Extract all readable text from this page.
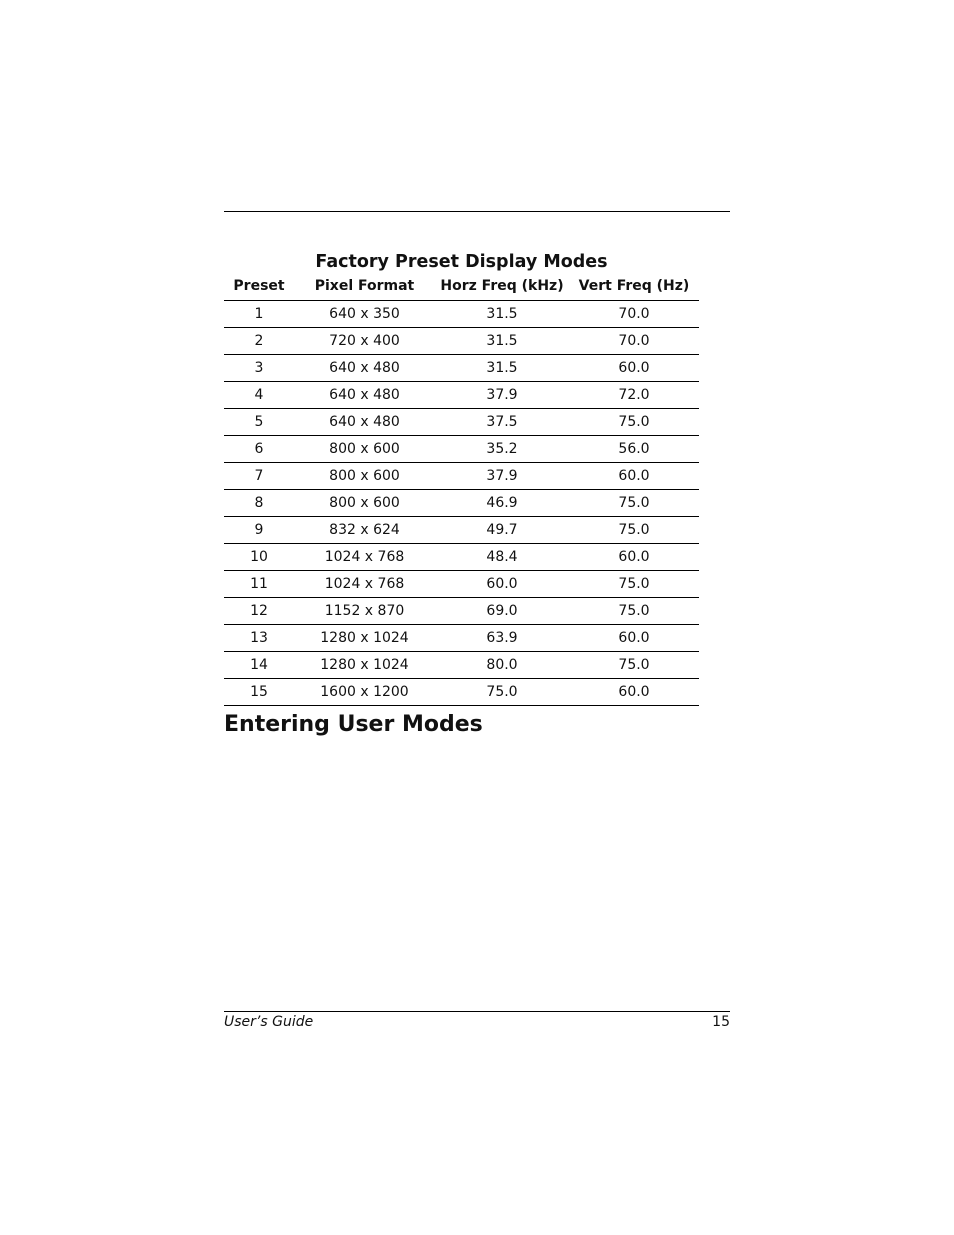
Factory Preset Display Modes
Preset	Pixel Format	Horz Freq (kHz)	Vert Freq (Hz)
1	640 x 350	31.5	70.0
2	720 x 400	31.5	70.0
3	640 x 480	31.5	60.0
4	640 x 480	37.9	72.0
5	640 x 480	37.5	75.0
6	800 x 600	35.2	56.0
7	800 x 600	37.9	60.0
8	800 x 600	46.9	75.0
9	832 x 624	49.7	75.0
10	1024 x 768	48.4	60.0
11	1024 x 768	60.0	75.0
12	1152 x 870	69.0	75.0
13	1280 x 1024	63.9	60.0
14	1280 x 1024	80.0	75.0
15	1600 x 1200	75.0	60.0
Entering User Modes
User’s Guide	15
